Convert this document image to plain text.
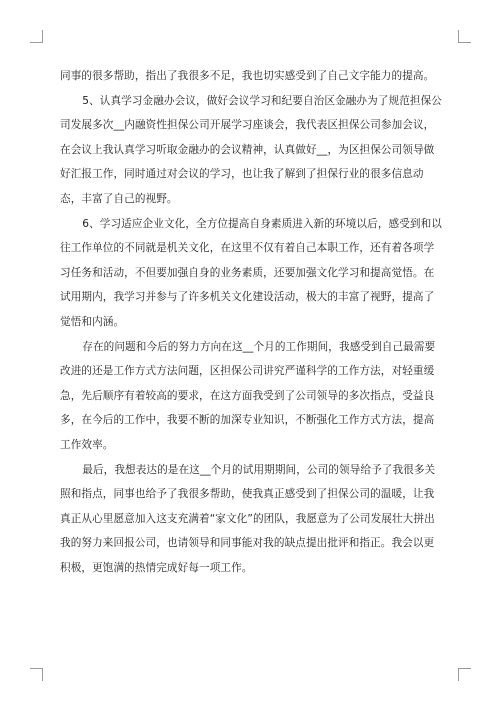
同事的很多帮助，指出了我很多不足，我也切实感受到了自己文字能力的提高。

5、认真学习金融办会议，做好会议学习和纪要自治区金融办为了规范担保公司发展多次__内融资性担保公司开展学习座谈会，我代表区担保公司参加会议，在会议上我认真学习听取金融办的会议精神，认真做好__，为区担保公司领导做好汇报工作，同时通过对会议的学习，也让我了解到了担保行业的很多信息动态，丰富了自己的视野。

6、学习适应企业文化，全方位提高自身素质进入新的环境以后，感受到和以往工作单位的不同就是机关文化，在这里不仅有着自己本职工作，还有着各项学习任务和活动，不但要加强自身的业务素质，还要加强文化学习和提高觉悟。在试用期内，我学习并参与了许多机关文化建设活动，极大的丰富了视野，提高了觉悟和内涵。

存在的问题和今后的努力方向在这__个月的工作期间，我感受到自己最需要改进的还是工作方式方法问题，区担保公司讲究严谨科学的工作方法，对轻重缓急，先后顺序有着较高的要求，在这方面我受到了公司领导的多次指点，受益良多，在今后的工作中，我要不断的加深专业知识，不断强化工作方式方法，提高工作效率。

最后，我想表达的是在这__个月的试用期期间，公司的领导给予了我很多关照和指点，同事也给予了我很多帮助，使我真正感受到了担保公司的温暖，让我真正从心里愿意加入这支充满着“家文化”的团队，我愿意为了公司发展壮大拼出我的努力来回报公司，也请领导和同事能对我的缺点提出批评和指正。我会以更积极，更饱满的热情完成好每一项工作。
